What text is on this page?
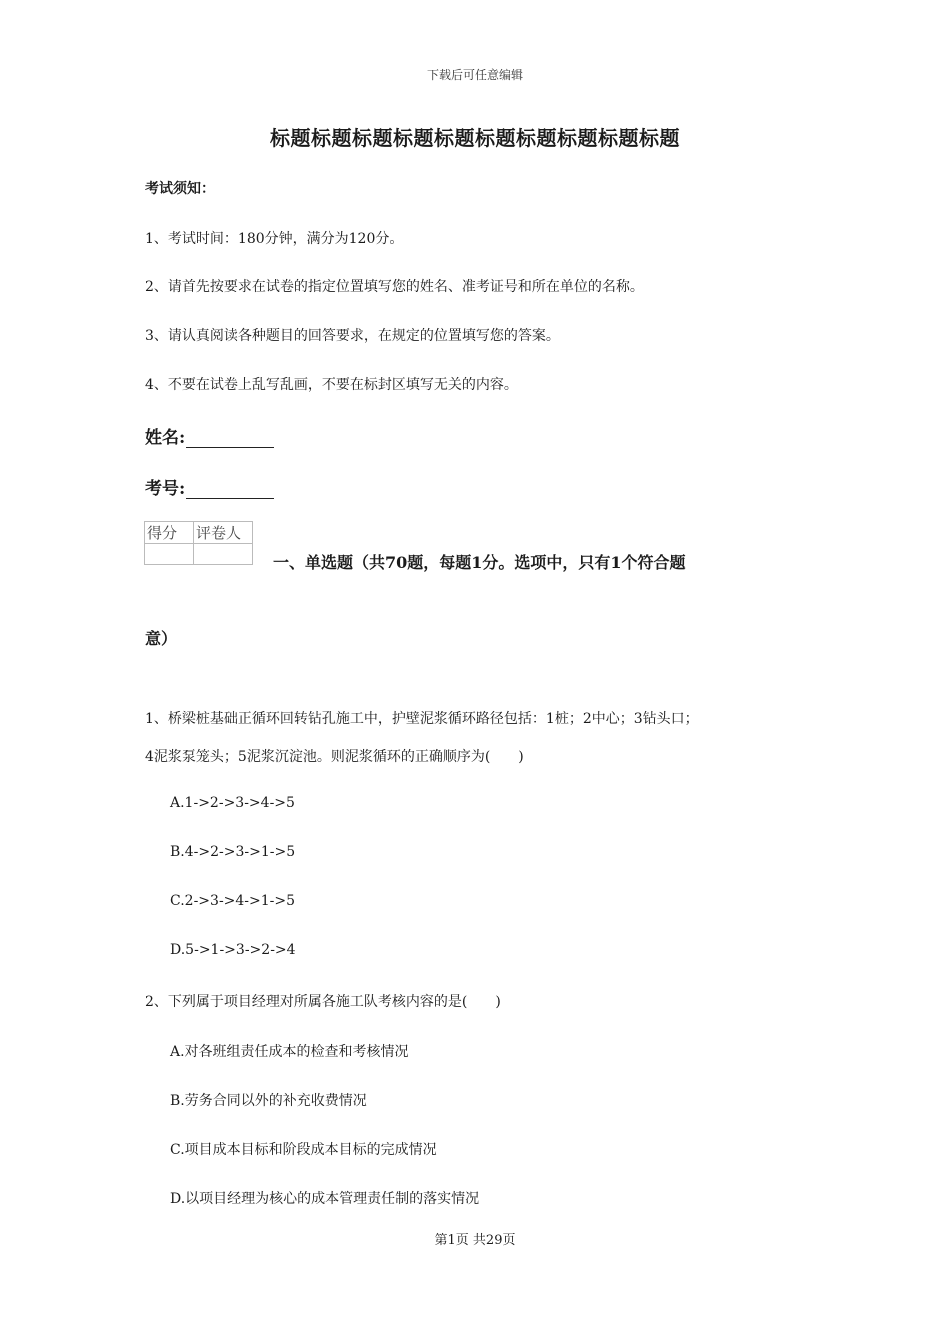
下载后可任意编辑
标题标题标题标题标题标题标题标题标题标题
考试须知：
1、考试时间：180分钟，满分为120分。
2、请首先按要求在试卷的指定位置填写您的姓名、准考证号和所在单位的名称。
3、请认真阅读各种题目的回答要求，在规定的位置填写您的答案。
4、不要在试卷上乱写乱画，不要在标封区填写无关的内容。
姓名:
考号:
得分	评卷人

一、单选题（共70题，每题1分。选项中，只有1个符合题
意）
1、桥梁桩基础正循环回转钻孔施工中，护壁泥浆循环路径包括：1桩；2中心；3钻头口；
4泥浆泵笼头；5泥浆沉淀池。则泥浆循环的正确顺序为(　　)
A.1->2->3->4->5
B.4->2->3->1->5
C.2->3->4->1->5
D.5->1->3->2->4
2、下列属于项目经理对所属各施工队考核内容的是(　　)
A.对各班组责任成本的检查和考核情况
B.劳务合同以外的补充收费情况
C.项目成本目标和阶段成本目标的完成情况
D.以项目经理为核心的成本管理责任制的落实情况
第1页 共29页
